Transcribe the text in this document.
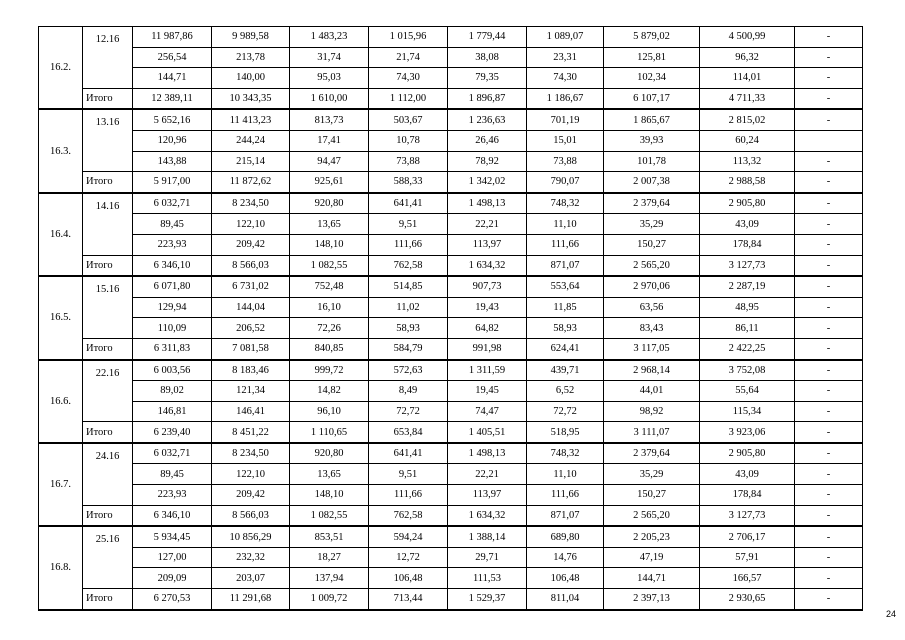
16.2.	12.16	11 987,86	9 989,58	1 483,23	1 015,96	1 779,44	1 089,07	5 879,02	4 500,99	-
		256,54	213,78	31,74	21,74	38,08	23,31	125,81	96,32	-
		144,71	140,00	95,03	74,30	79,35	74,30	102,34	114,01	-
	Итого	12 389,11	10 343,35	1 610,00	1 112,00	1 896,87	1 186,67	6 107,17	4 711,33	-
16.3.	13.16	5 652,16	11 413,23	813,73	503,67	1 236,63	701,19	1 865,67	2 815,02	-
		120,96	244,24	17,41	10,78	26,46	15,01	39,93	60,24	
		143,88	215,14	94,47	73,88	78,92	73,88	101,78	113,32	-
	Итого	5 917,00	11 872,62	925,61	588,33	1 342,02	790,07	2 007,38	2 988,58	-
16.4.	14.16	6 032,71	8 234,50	920,80	641,41	1 498,13	748,32	2 379,64	2 905,80	-
		89,45	122,10	13,65	9,51	22,21	11,10	35,29	43,09	-
		223,93	209,42	148,10	111,66	113,97	111,66	150,27	178,84	-
	Итого	6 346,10	8 566,03	1 082,55	762,58	1 634,32	871,07	2 565,20	3 127,73	-
16.5.	15.16	6 071,80	6 731,02	752,48	514,85	907,73	553,64	2 970,06	2 287,19	-
		129,94	144,04	16,10	11,02	19,43	11,85	63,56	48,95	-
		110,09	206,52	72,26	58,93	64,82	58,93	83,43	86,11	-
	Итого	6 311,83	7 081,58	840,85	584,79	991,98	624,41	3 117,05	2 422,25	-
16.6.	22.16	6 003,56	8 183,46	999,72	572,63	1 311,59	439,71	2 968,14	3 752,08	-
		89,02	121,34	14,82	8,49	19,45	6,52	44,01	55,64	-
		146,81	146,41	96,10	72,72	74,47	72,72	98,92	115,34	-
	Итого	6 239,40	8 451,22	1 110,65	653,84	1 405,51	518,95	3 111,07	3 923,06	-
16.7.	24.16	6 032,71	8 234,50	920,80	641,41	1 498,13	748,32	2 379,64	2 905,80	-
		89,45	122,10	13,65	9,51	22,21	11,10	35,29	43,09	-
		223,93	209,42	148,10	111,66	113,97	111,66	150,27	178,84	-
	Итого	6 346,10	8 566,03	1 082,55	762,58	1 634,32	871,07	2 565,20	3 127,73	-
16.8.	25.16	5 934,45	10 856,29	853,51	594,24	1 388,14	689,80	2 205,23	2 706,17	-
		127,00	232,32	18,27	12,72	29,71	14,76	47,19	57,91	-
		209,09	203,07	137,94	106,48	111,53	106,48	144,71	166,57	-
	Итого	6 270,53	11 291,68	1 009,72	713,44	1 529,37	811,04	2 397,13	2 930,65	-
24
